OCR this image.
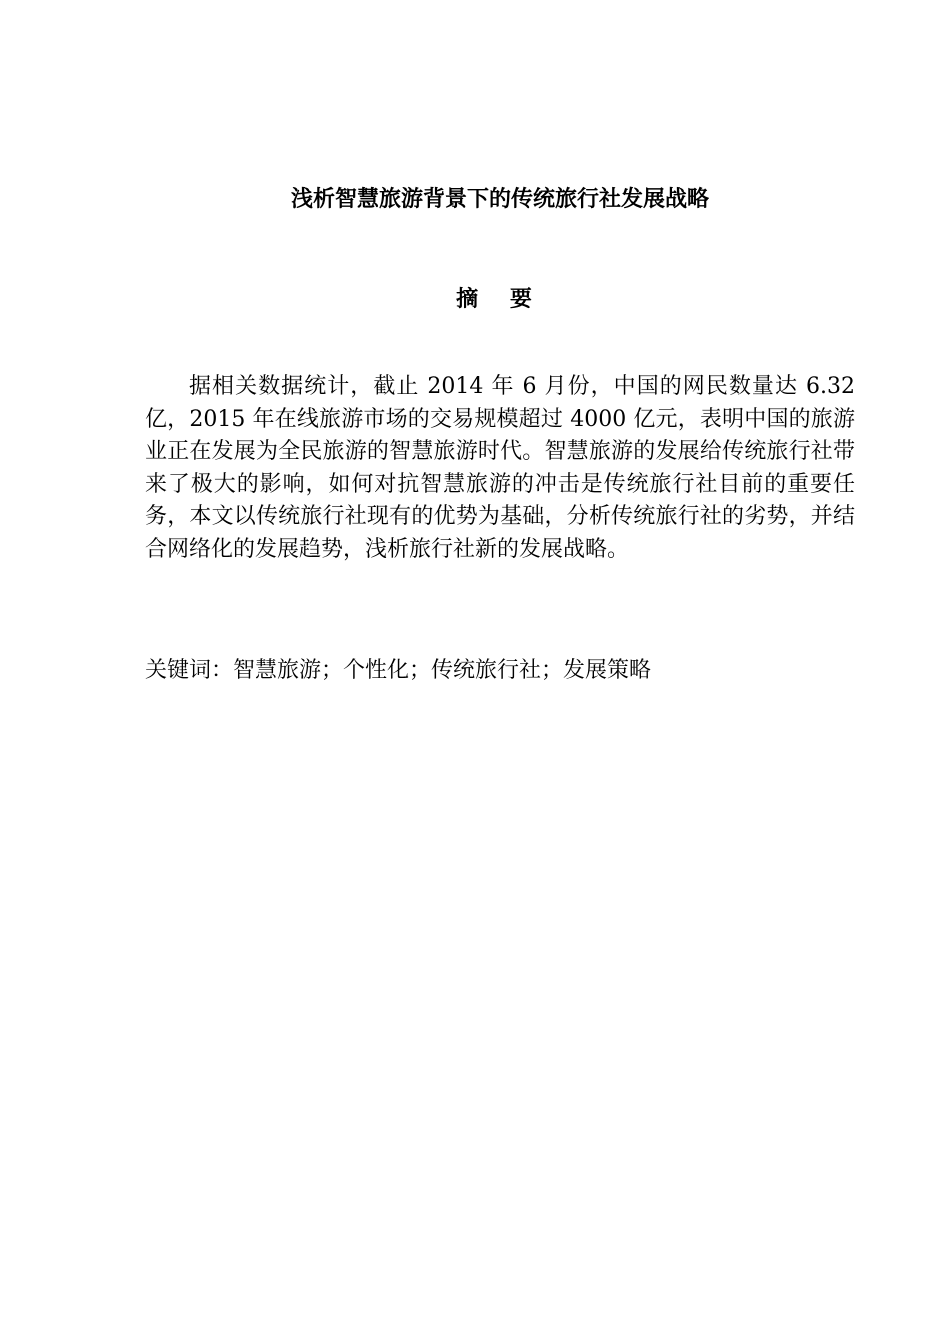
浅析智慧旅游背景下的传统旅行社发展战略
摘 要

据相关数据统计，截止 2014 年 6 月份，中国的网民数量达 6.32 亿，2015 年在线旅游市场的交易规模超过 4000 亿元，表明中国的旅游业正在发展为全民旅游的智慧旅游时代。智慧旅游的发展给传统旅行社带来了极大的影响，如何对抗智慧旅游的冲击是传统旅行社目前的重要任务，本文以传统旅行社现有的优势为基础，分析传统旅行社的劣势，并结合网络化的发展趋势，浅析旅行社新的发展战略。

关键词：智慧旅游；个性化；传统旅行社；发展策略
